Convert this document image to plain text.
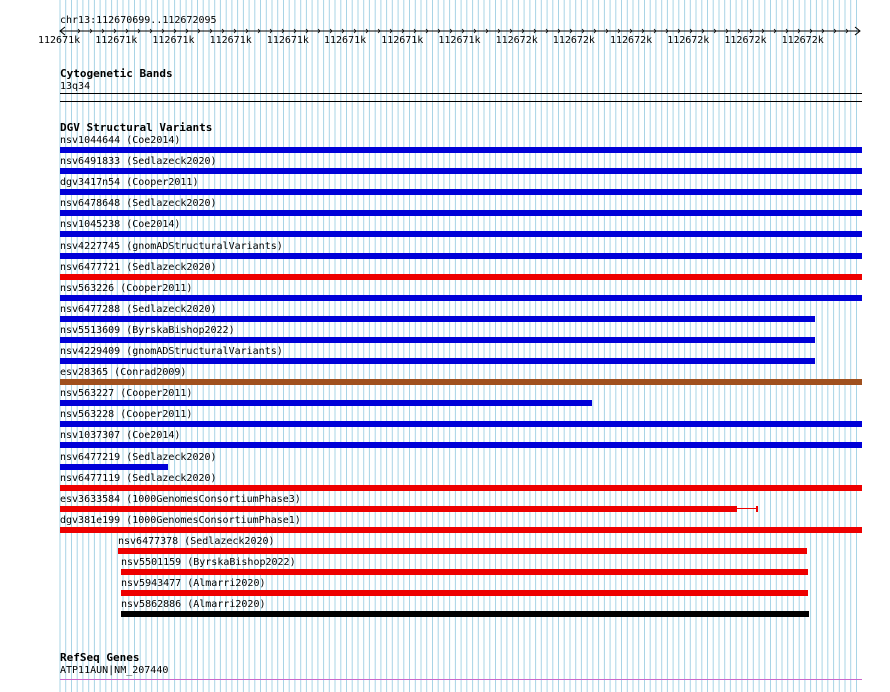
chr13:112670699..112672095
112671k 112671k 112671k 112671k 112671k 112671k 112671k 112671k 112672k 112672k 112672k 112672k 112672k 112672k
Cytogenetic Bands
13q34
DGV Structural Variants
nsv1044644 (Coe2014)
nsv6491833 (Sedlazeck2020)
dgv3417n54 (Cooper2011)
nsv6478648 (Sedlazeck2020)
nsv1045238 (Coe2014)
nsv4227745 (gnomADStructuralVariants)
nsv6477721 (Sedlazeck2020)
nsv563226 (Cooper2011)
nsv6477288 (Sedlazeck2020)
nsv5513609 (ByrskaBishop2022)
nsv4229409 (gnomADStructuralVariants)
esv28365 (Conrad2009)
nsv563227 (Cooper2011)
nsv563228 (Cooper2011)
nsv1037307 (Coe2014)
nsv6477219 (Sedlazeck2020)
nsv6477119 (Sedlazeck2020)
esv3633584 (1000GenomesConsortiumPhase3)
dgv381e199 (1000GenomesConsortiumPhase1)
nsv6477378 (Sedlazeck2020)
nsv5501159 (ByrskaBishop2022)
nsv5943477 (Almarri2020)
nsv5862886 (Almarri2020)
RefSeq Genes
ATP11AUN|NM_207440
